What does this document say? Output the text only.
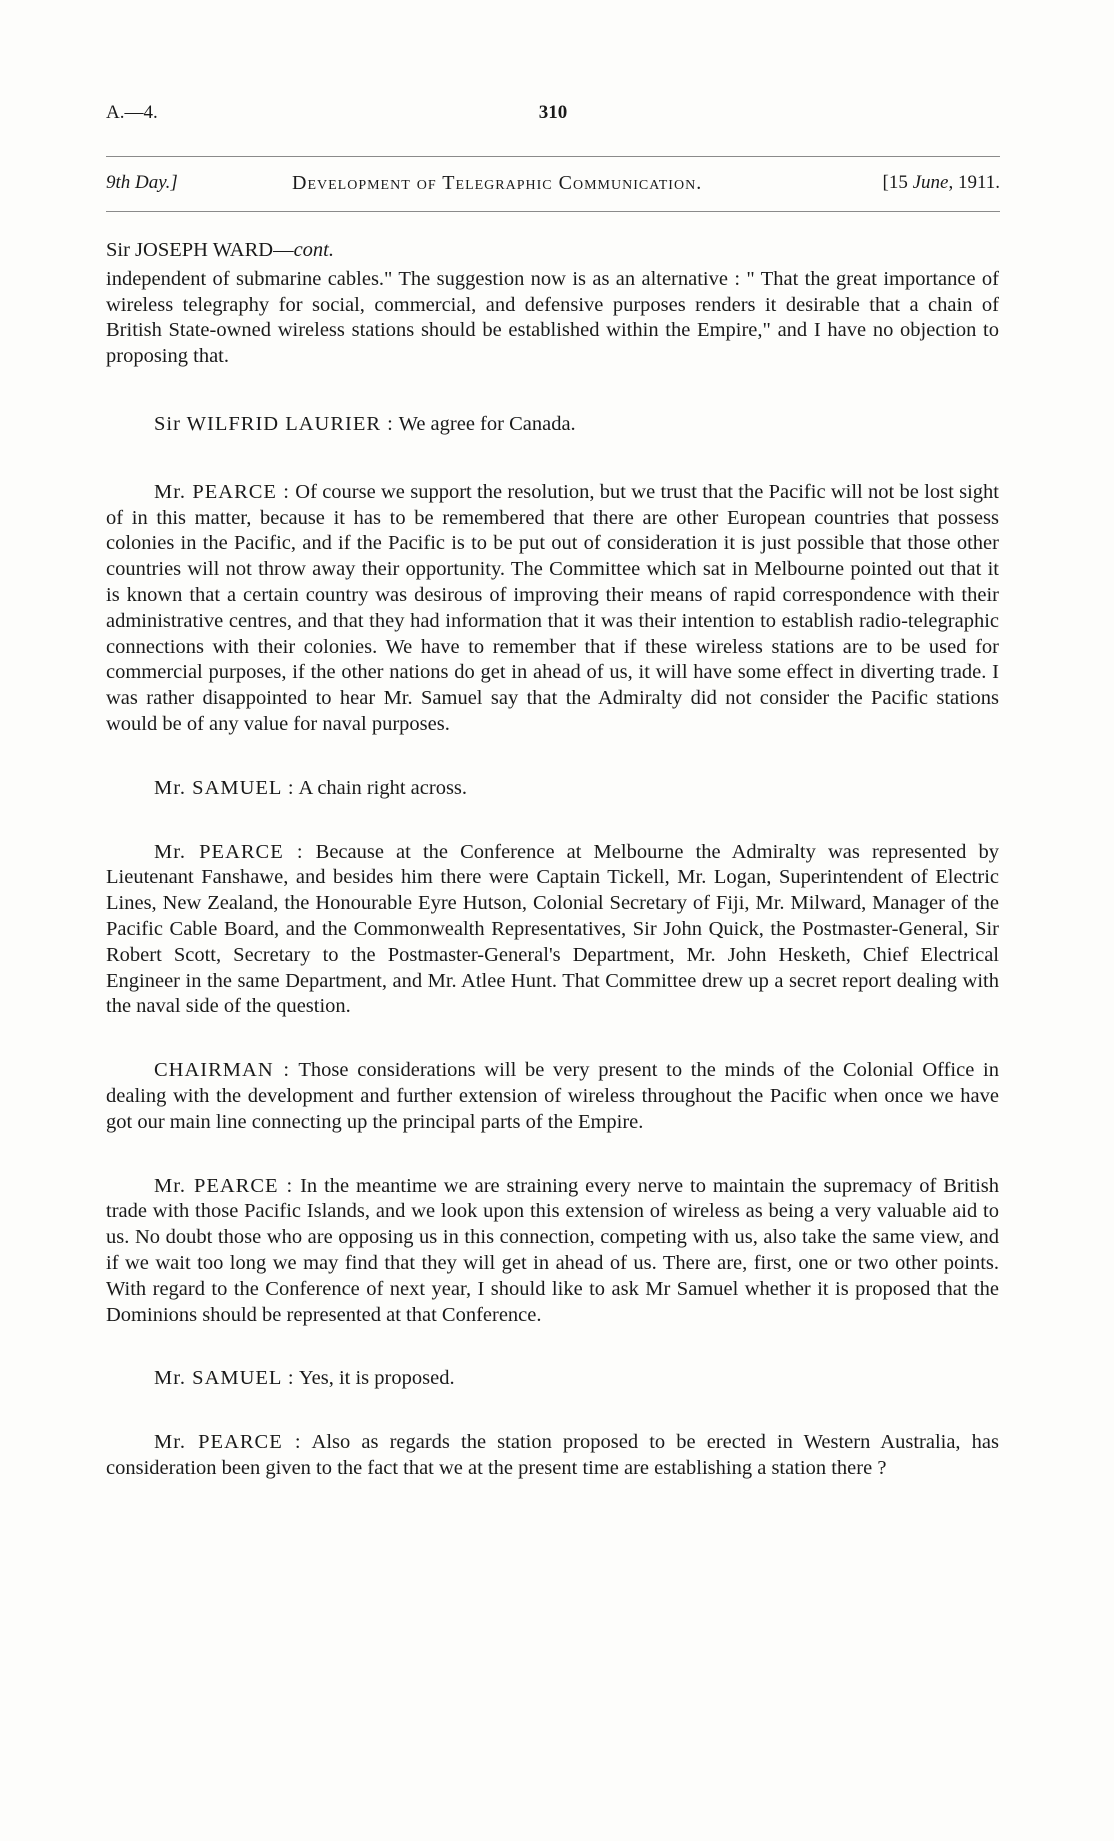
A.—4.	310
9th Day.]	Development of Telegraphic Communication.	[15 June, 1911.
Sir JOSEPH WARD—cont.

independent of submarine cables." The suggestion now is as an alternative : " That the great importance of wireless telegraphy for social, commercial, and defensive purposes renders it desirable that a chain of British State-owned wireless stations should be established within the Empire," and I have no objection to proposing that.

Sir WILFRID LAURIER : We agree for Canada.

Mr. PEARCE : Of course we support the resolution, but we trust that the Pacific will not be lost sight of in this matter, because it has to be remembered that there are other European countries that possess colonies in the Pacific, and if the Pacific is to be put out of consideration it is just possible that those other countries will not throw away their opportunity. The Committee which sat in Melbourne pointed out that it is known that a certain country was desirous of improving their means of rapid correspondence with their administrative centres, and that they had information that it was their intention to establish radio-telegraphic connections with their colonies. We have to remember that if these wireless stations are to be used for commercial purposes, if the other nations do get in ahead of us, it will have some effect in diverting trade. I was rather disappointed to hear Mr. Samuel say that the Admiralty did not consider the Pacific stations would be of any value for naval purposes.

Mr. SAMUEL : A chain right across.

Mr. PEARCE : Because at the Conference at Melbourne the Admiralty was represented by Lieutenant Fanshawe, and besides him there were Captain Tickell, Mr. Logan, Superintendent of Electric Lines, New Zealand, the Honourable Eyre Hutson, Colonial Secretary of Fiji, Mr. Milward, Manager of the Pacific Cable Board, and the Commonwealth Representatives, Sir John Quick, the Postmaster-General, Sir Robert Scott, Secretary to the Postmaster-General's Department, Mr. John Hesketh, Chief Electrical Engineer in the same Department, and Mr. Atlee Hunt. That Committee drew up a secret report dealing with the naval side of the question.

CHAIRMAN : Those considerations will be very present to the minds of the Colonial Office in dealing with the development and further extension of wireless throughout the Pacific when once we have got our main line connecting up the principal parts of the Empire.

Mr. PEARCE : In the meantime we are straining every nerve to maintain the supremacy of British trade with those Pacific Islands, and we look upon this extension of wireless as being a very valuable aid to us. No doubt those who are opposing us in this connection, competing with us, also take the same view, and if we wait too long we may find that they will get in ahead of us. There are, first, one or two other points. With regard to the Conference of next year, I should like to ask Mr Samuel whether it is proposed that the Dominions should be represented at that Conference.

Mr. SAMUEL : Yes, it is proposed.

Mr. PEARCE : Also as regards the station proposed to be erected in Western Australia, has consideration been given to the fact that we at the present time are establishing a station there ?
